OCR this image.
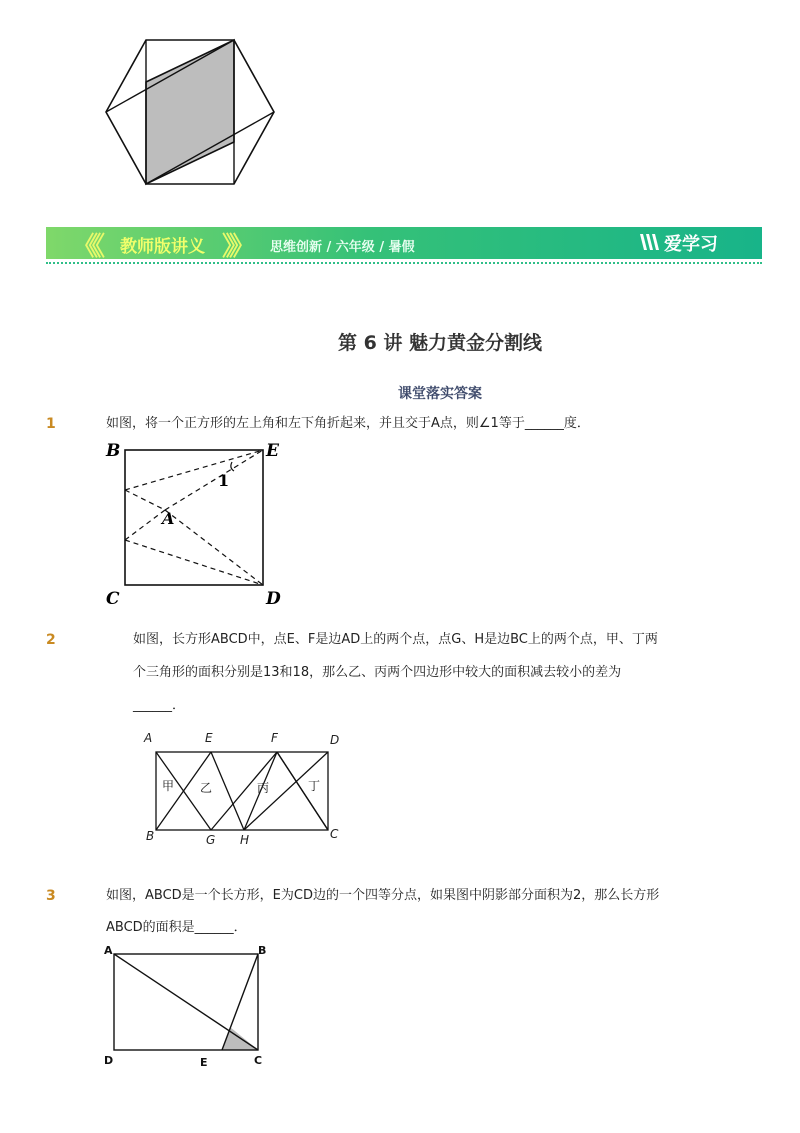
《《 教师版讲义 》》 思维创新 / 六年级 / 暑假	爱学习
第 6 讲 魅力黄金分割线
课堂落实答案
1	如图，将一个正方形的左上角和左下角折起来，并且交于A点，则∠1等于______度．
B	E
C	D
A
1
2	如图，长方形ABCD中，点E、F是边AD上的两个点，点G、H是边BC上的两个点，甲、丁两
个三角形的面积分别是13和18，那么乙、丙两个四边形中较大的面积减去较小的差为
______．
A	E	F	D
B	G H	C
甲 乙	丙	丁
3	如图，ABCD是一个长方形，E为CD边的一个四等分点，如果图中阴影部分面积为2，那么长方形
ABCD的面积是______．
A	B
D	E	C
